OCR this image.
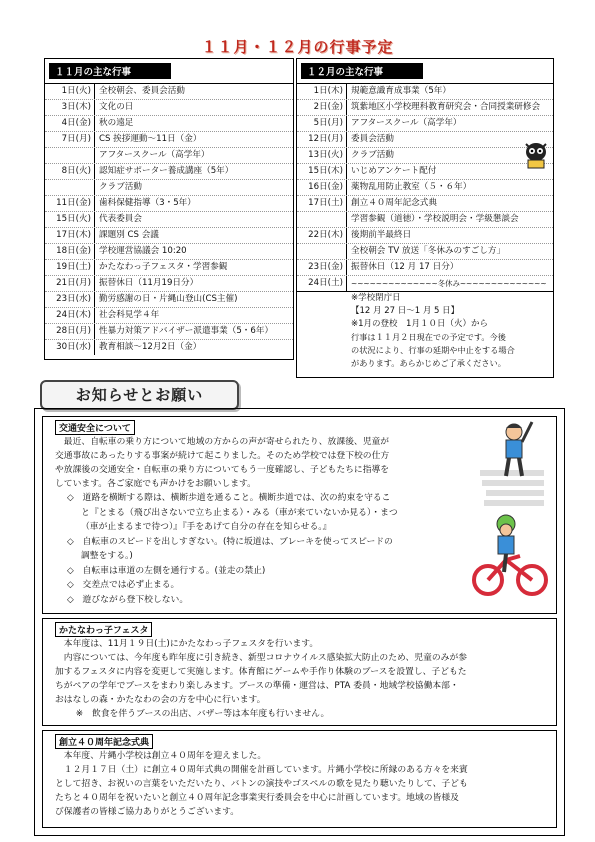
１１月・１２月の行事予定
１１月の主な行事
1日(火) 全校朝会、委員会活動
3日(木) 文化の日
4日(金) 秋の遠足
7日(月) CS 挨拶運動～11日（金）
アフタースクール（高学年）
8日(火) 認知症サポーター養成講座（5年）
クラブ活動
11日(金) 歯科保健指導（3・5年）
15日(火) 代表委員会
17日(木) 課題別 CS 会議
18日(金) 学校運営協議会 10:20
19日(土) かたなわっ子フェスタ・学習参観
21日(月) 振替休日（11月19日分）
23日(水) 勤労感謝の日・片縄山登山(CS主催)
24日(木) 社会科見学４年
28日(月) 性暴力対策アドバイザー派遣事業（5・6年）
30日(水) 教育相談～12月2日（金）
１２月の主な行事
1日(木) 規範意識育成事業（5年）
2日(金) 筑紫地区小学校理科教育研究会・合同授業研修会
5日(月) アフタースクール（高学年）
12日(月) 委員会活動
13日(火) クラブ活動
15日(木) いじめアンケート配付
16日(金) 薬物乱用防止教室（５・６年）
17日(土) 創立４０周年記念式典
学習参観（道徳）・学校説明会・学級懇談会
22日(木) 後期前半最終日
全校朝会 TV 放送「冬休みのすごし方」
23日(金) 振替休日（12 月 17 日分）
24日(土)	~~~~~~~~~~~~~~冬休み~~~~~~~~~~~~~~
※学校閉庁日
【12 月 27 日～1 月 5 日】
※1月の登校　1月１０日（火）から
行事は１１月２日現在での予定です。今後
の状況により、行事の延期や中止をする場合
があります。あらかじめご了承ください。
お知らせとお願い
交通安全について

最近、自転車の乗り方について地域の方からの声が寄せられたり、放課後、児童が

交通事故にあったりする事案が続けて起こりました。そのため学校では登下校の仕方

や放課後の交通安全・自転車の乗り方についてもう一度確認し、子どもたちに指導を

しています。各ご家庭でも声かけをお願いします。

◇　道路を横断する際は、横断歩道を通ること。横断歩道では、次の約束を守るこ
と『とまる（飛び出さないで立ち止まる）・みる（車が来ていないか見る）・まつ
（車が止まるまで待つ）』『手をあげて自分の存在を知らせる。』
◇　自転車のスピードを出しすぎない。(特に坂道は、ブレーキを使ってスピードの
調整をする。)
◇　自転車は車道の左側を通行する。(並走の禁止)
◇　交差点では必ず止まる。
◇　遊びながら登下校しない。
かたなわっ子フェスタ

本年度は、11月１９日(土)にかたなわっ子フェスタを行います。

内容については、今年度も昨年度に引き続き、新型コロナウイルス感染拡大防止のため、児童のみが参

加するフェスタに内容を変更して実施します。体育館にゲームや手作り体験のブースを設置し、子どもた

ちがペアの学年でブースをまわり楽しみます。ブースの準備・運営は、PTA 委員・地域学校協働本部・

おはなしの森・かたなわの会の方を中心に行います。

※　飲食を伴うブースの出店、バザー等は本年度も行いません。

創立４０周年記念式典

本年度、片縄小学校は創立４０周年を迎えました。

１２月１７日（土）に創立４０周年式典の開催を計画しています。片縄小学校に所縁のある方々を来賓

として招き、お祝いの言葉をいただいたり、バトンの演技やゴスペルの歌を見たり聴いたりして、子ども

たちと４０周年を祝いたいと創立４０周年記念事業実行委員会を中心に計画しています。地域の皆様及

び保護者の皆様ご協力ありがとうございます。
